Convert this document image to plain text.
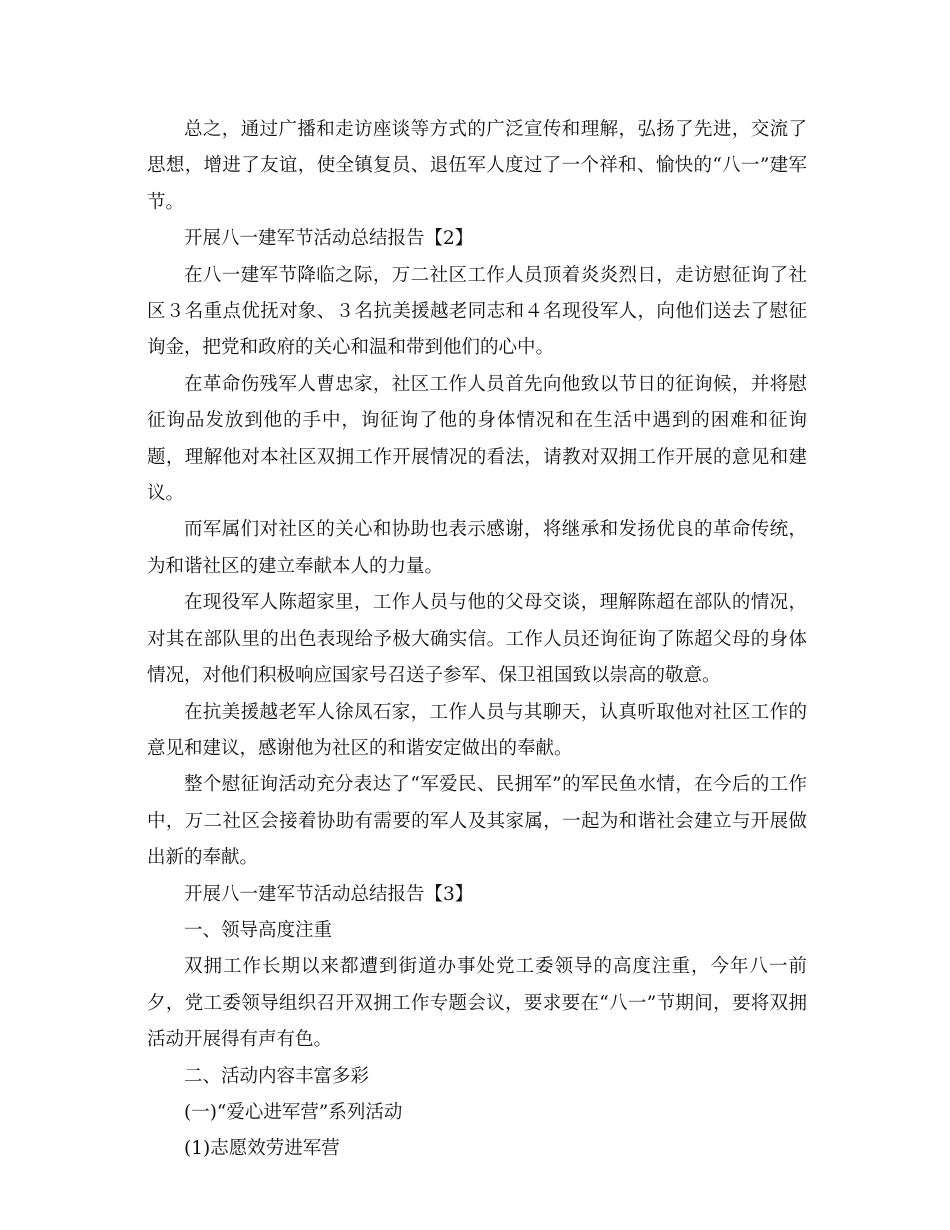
总之，通过广播和走访座谈等方式的广泛宣传和理解，弘扬了先进，交流了思想，增进了友谊，使全镇复员、退伍军人度过了一个祥和、愉快的“八一”建军节。

开展八一建军节活动总结报告【2】

在八一建军节降临之际，万二社区工作人员顶着炎炎烈日，走访慰征询了社区３名重点优抚对象、３名抗美援越老同志和４名现役军人，向他们送去了慰征询金，把党和政府的关心和温和带到他们的心中。

在革命伤残军人曹忠家，社区工作人员首先向他致以节日的征询候，并将慰征询品发放到他的手中，询征询了他的身体情况和在生活中遇到的困难和征询题，理解他对本社区双拥工作开展情况的看法，请教对双拥工作开展的意见和建议。

而军属们对社区的关心和协助也表示感谢，将继承和发扬优良的革命传统，为和谐社区的建立奉献本人的力量。

在现役军人陈超家里，工作人员与他的父母交谈，理解陈超在部队的情况，对其在部队里的出色表现给予极大确实信。工作人员还询征询了陈超父母的身体情况，对他们积极响应国家号召送子参军、保卫祖国致以崇高的敬意。

在抗美援越老军人徐凤石家，工作人员与其聊天，认真听取他对社区工作的意见和建议，感谢他为社区的和谐安定做出的奉献。

整个慰征询活动充分表达了“军爱民、民拥军”的军民鱼水情，在今后的工作中，万二社区会接着协助有需要的军人及其家属，一起为和谐社会建立与开展做出新的奉献。

开展八一建军节活动总结报告【3】

一、领导高度注重

双拥工作长期以来都遭到街道办事处党工委领导的高度注重，今年八一前夕，党工委领导组织召开双拥工作专题会议，要求要在“八一”节期间，要将双拥活动开展得有声有色。

二、活动内容丰富多彩

(一)“爱心进军营”系列活动

(1)志愿效劳进军营
